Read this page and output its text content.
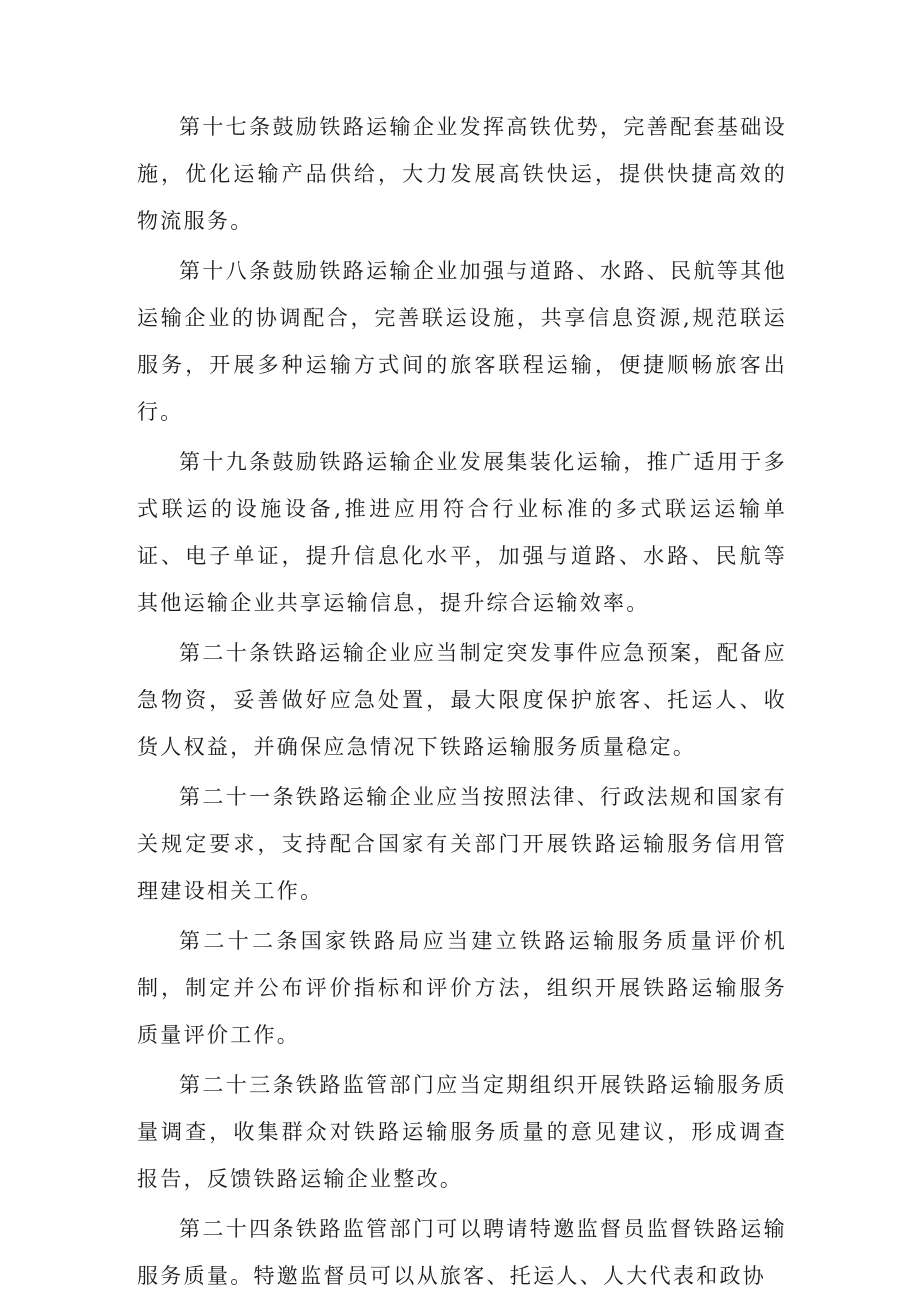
第十七条鼓励铁路运输企业发挥高铁优势，完善配套基础设施，优化运输产品供给，大力发展高铁快运，提供快捷高效的物流服务。

第十八条鼓励铁路运输企业加强与道路、水路、民航等其他运输企业的协调配合，完善联运设施，共享信息资源,规范联运服务，开展多种运输方式间的旅客联程运输，便捷顺畅旅客出行。

第十九条鼓励铁路运输企业发展集装化运输，推广适用于多式联运的设施设备,推进应用符合行业标准的多式联运运输单证、电子单证，提升信息化水平，加强与道路、水路、民航等其他运输企业共享运输信息，提升综合运输效率。

第二十条铁路运输企业应当制定突发事件应急预案，配备应急物资，妥善做好应急处置，最大限度保护旅客、托运人、收货人权益，并确保应急情况下铁路运输服务质量稳定。

第二十一条铁路运输企业应当按照法律、行政法规和国家有关规定要求，支持配合国家有关部门开展铁路运输服务信用管理建设相关工作。

第二十二条国家铁路局应当建立铁路运输服务质量评价机制，制定并公布评价指标和评价方法，组织开展铁路运输服务质量评价工作。

第二十三条铁路监管部门应当定期组织开展铁路运输服务质量调查，收集群众对铁路运输服务质量的意见建议，形成调查报告，反馈铁路运输企业整改。

第二十四条铁路监管部门可以聘请特邀监督员监督铁路运输服务质量。特邀监督员可以从旅客、托运人、人大代表和政协
